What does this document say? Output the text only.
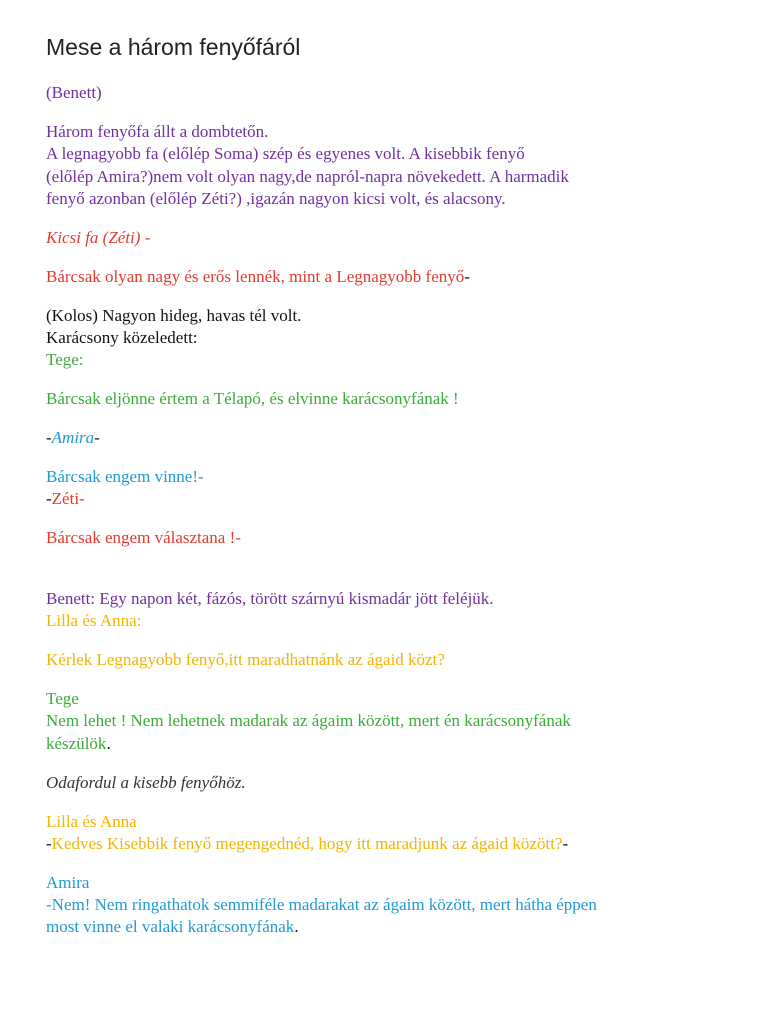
Mese a három fenyőfáról
(Benett)
Három fenyőfa állt a dombtetőn.
A legnagyobb fa (előlép Soma) szép és egyenes volt. A kisebbik fenyő
(előlép Amira?)nem volt olyan nagy,de napról-napra növekedett. A harmadik
fenyő azonban (előlép Zéti?) ,igazán nagyon kicsi volt, és alacsony.
Kicsi fa (Zéti) -
Bárcsak olyan nagy és erős lennék, mint a Legnagyobb fenyő-
(Kolos) Nagyon hideg, havas tél volt.
Karácsony közeledett:
Tege:
Bárcsak eljönne értem a Télapó, és elvinne karácsonyfának !
-Amira-
Bárcsak engem vinne!-
-Zéti-
Bárcsak engem választana !-
Benett: Egy napon két, fázós, törött szárnyú kismadár jött feléjük.
Lilla és Anna:
Kérlek Legnagyobb fenyő,itt maradhatnánk az ágaid közt?
Tege
Nem lehet ! Nem lehetnek madarak az ágaim között, mert én karácsonyfának
készülök.
Odafordul a kisebb fenyőhöz.
Lilla és Anna
-Kedves Kisebbik fenyő megengednéd, hogy itt maradjunk az ágaid között?-
Amira
-Nem! Nem ringathatok semmiféle madarakat az ágaim között, mert hátha éppen
most vinne el valaki karácsonyfának.
